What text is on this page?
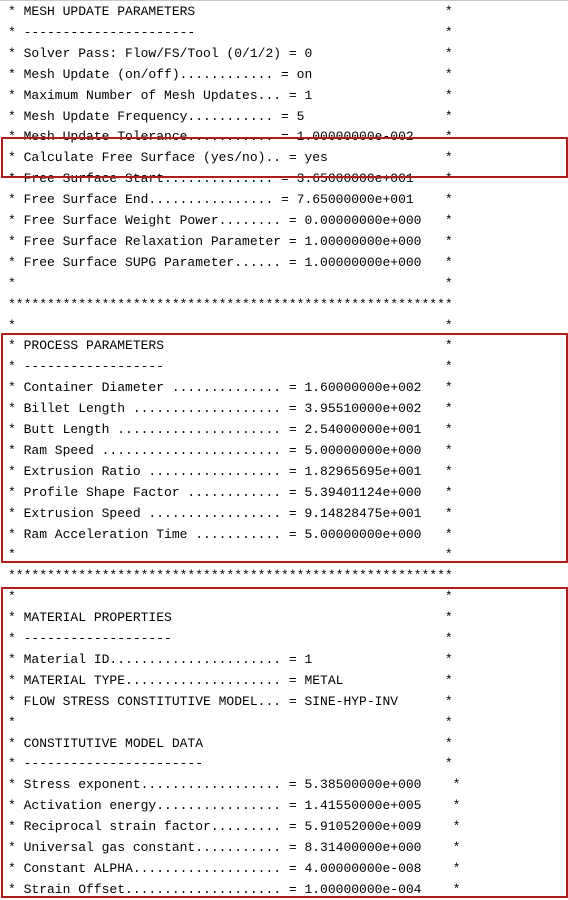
* MESH UPDATE PARAMETERS                                *
* ----------------------                                *
* Solver Pass: Flow/FS/Tool (0/1/2) = 0                 *
* Mesh Update (on/off)............ = on                 *
* Maximum Number of Mesh Updates... = 1                 *
* Mesh Update Frequency........... = 5                  *
* Mesh Update Tolerance........... = 1.00000000e-002    *
* Calculate Free Surface (yes/no).. = yes               *
* Free Surface Start.............. = 3.65000000e+001    *
* Free Surface End................ = 7.65000000e+001    *
* Free Surface Weight Power........ = 0.00000000e+000   *
* Free Surface Relaxation Parameter = 1.00000000e+000   *
* Free Surface SUPG Parameter...... = 1.00000000e+000   *
*                                                       *
*********************************************************
*                                                       *
* PROCESS PARAMETERS                                    *
* ------------------                                    *
* Container Diameter .............. = 1.60000000e+002   *
* Billet Length ................... = 3.95510000e+002   *
* Butt Length ..................... = 2.54000000e+001   *
* Ram Speed ....................... = 5.00000000e+000   *
* Extrusion Ratio ................. = 1.82965695e+001   *
* Profile Shape Factor ............ = 5.39401124e+000   *
* Extrusion Speed ................. = 9.14828475e+001   *
* Ram Acceleration Time ........... = 5.00000000e+000   *
*                                                       *
*********************************************************
*                                                       *
* MATERIAL PROPERTIES                                   *
* -------------------                                   *
* Material ID...................... = 1                 *
* MATERIAL TYPE.................... = METAL             *
* FLOW STRESS CONSTITUTIVE MODEL... = SINE-HYP-INV      *
*                                                       *
* CONSTITUTIVE MODEL DATA                               *
* -----------------------                               *
* Stress exponent.................. = 5.38500000e+000    *
* Activation energy................ = 1.41550000e+005    *
* Reciprocal strain factor......... = 5.91052000e+009    *
* Universal gas constant........... = 8.31400000e+000    *
* Constant ALPHA................... = 4.00000000e-008    *
* Strain Offset.................... = 1.00000000e-004    *
